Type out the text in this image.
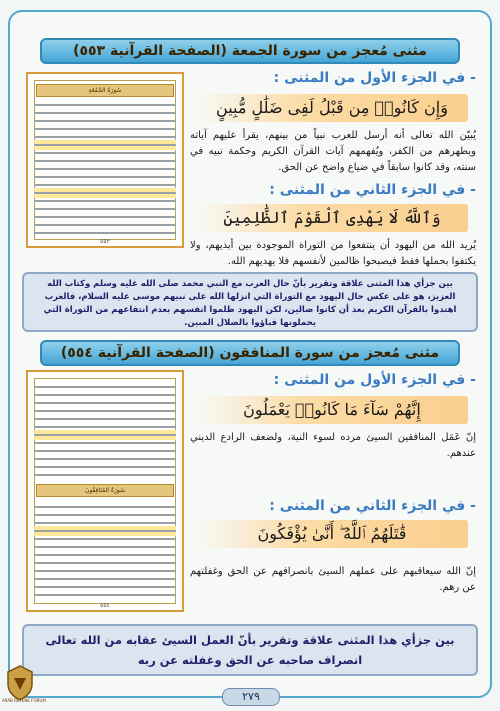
مثنى مُعجز من سورة الجمعة (الصفحة القرآنية ٥٥٣)
سُورَةُ الجُمُعَةِ
٥٥٣
- في الجزء الأول من المثنى :
وَإِن كَانُوا۟ مِن قَبْلُ لَفِى ضَلَٰلٍ مُّبِينٍ
يُبيّن الله تعالى أنه أرسل للعرب نبياً من بينهم، يقرأ عليهم آياته ويطهرهم من الكفر، ويُفهمهم آيات القرآن الكريم وحكمة نبيه في سنته، وقد كانوا سابقاً في ضياع واضح عن الحق.
- في الجزء الثاني من المثنى :
وَٱللَّهُ لَا يَهْدِى ٱلْقَوْمَ ٱلظَّٰلِمِينَ
يُريد الله من اليهود أن ينتفعوا من التوراة الموجودة بين أيديهم، ولا يكتفوا بحملها فقط فيصبحوا ظالمين لأنفسهم فلا يهديهم الله.
بين جزأي هذا المثنى علاقة وتقرير بأنّ حال العرب مع النبي محمد صلى الله عليه وسلم وكتاب الله العزيز، هو على عكس حال اليهود مع التوراة التي انزلها الله على نبيهم موسى عليه السلام، فالعرب اهتدوا بالقرآن الكريم بعد أن كانوا ضالين، لكن اليهود ظلموا انفسهم بعدم انتفاعهم من التوراة التي يحملونها فباؤوا بالضلال المبين.
مثنى مُعجز من سورة المنافقون (الصفحة القرآنية ٥٥٤)
سُورَةُ المُنَافِقُونَ
٥٥٤
- في الجزء الأول من المثنى :
إِنَّهُمْ سَآءَ مَا كَانُوا۟ يَعْمَلُونَ
إنّ عَمَل المنافقين السيئ مرده لسوء النية، ولضعف الرادع الديني عندهم.
- في الجزء الثاني من المثنى :
قَٰتَلَهُمُ ٱللَّهُ ۖ أَنَّىٰ يُؤْفَكُونَ
إنّ الله سيعاقبهم على عملهم السيئ بانصرافهم عن الحق وغفلتهم عن رهم.
بين جزأي هذا المثنى علاقة وتقرير بأنّ العمل السيئ عقابه من الله تعالى
انصراف صاحبه عن الحق وغفلته عن ربه
٢٧٩
ARAB RETENE FORUM
